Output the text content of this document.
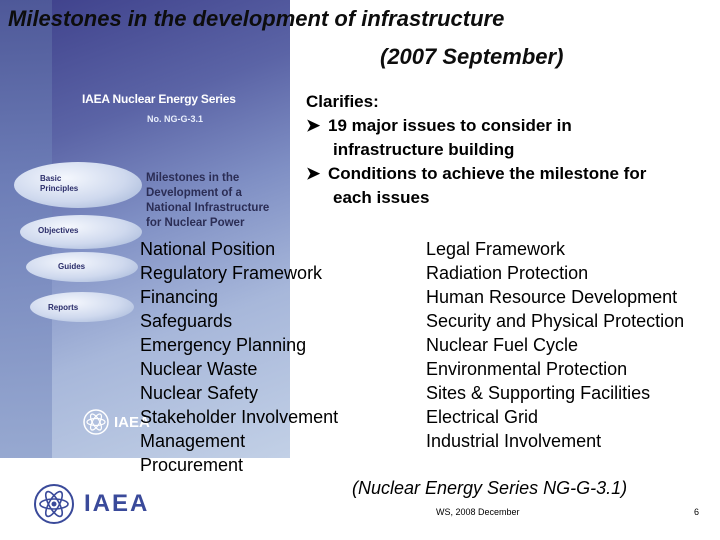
IAEA Nuclear Energy Series
No. NG-G-3.1
Milestones in the
Development of a
National Infrastructure
for Nuclear Power
Basic Principles
Objectives
Guides
Reports
IAEA
Milestones in the development of infrastructure
(2007 September)
Clarifies:
➤ 19 major issues to consider in
infrastructure building
➤ Conditions to achieve the milestone for
each issues
National Position
Regulatory Framework
Financing
Safeguards
Emergency Planning
Nuclear Waste
Nuclear Safety
Stakeholder Involvement
Management
Procurement
Legal Framework
Radiation Protection
Human Resource Development
Security and Physical Protection
Nuclear Fuel Cycle
Environmental Protection
Sites & Supporting Facilities
Electrical Grid
Industrial Involvement
(Nuclear Energy Series NG-G-3.1)
IAEA	WS, 2008 December	6
